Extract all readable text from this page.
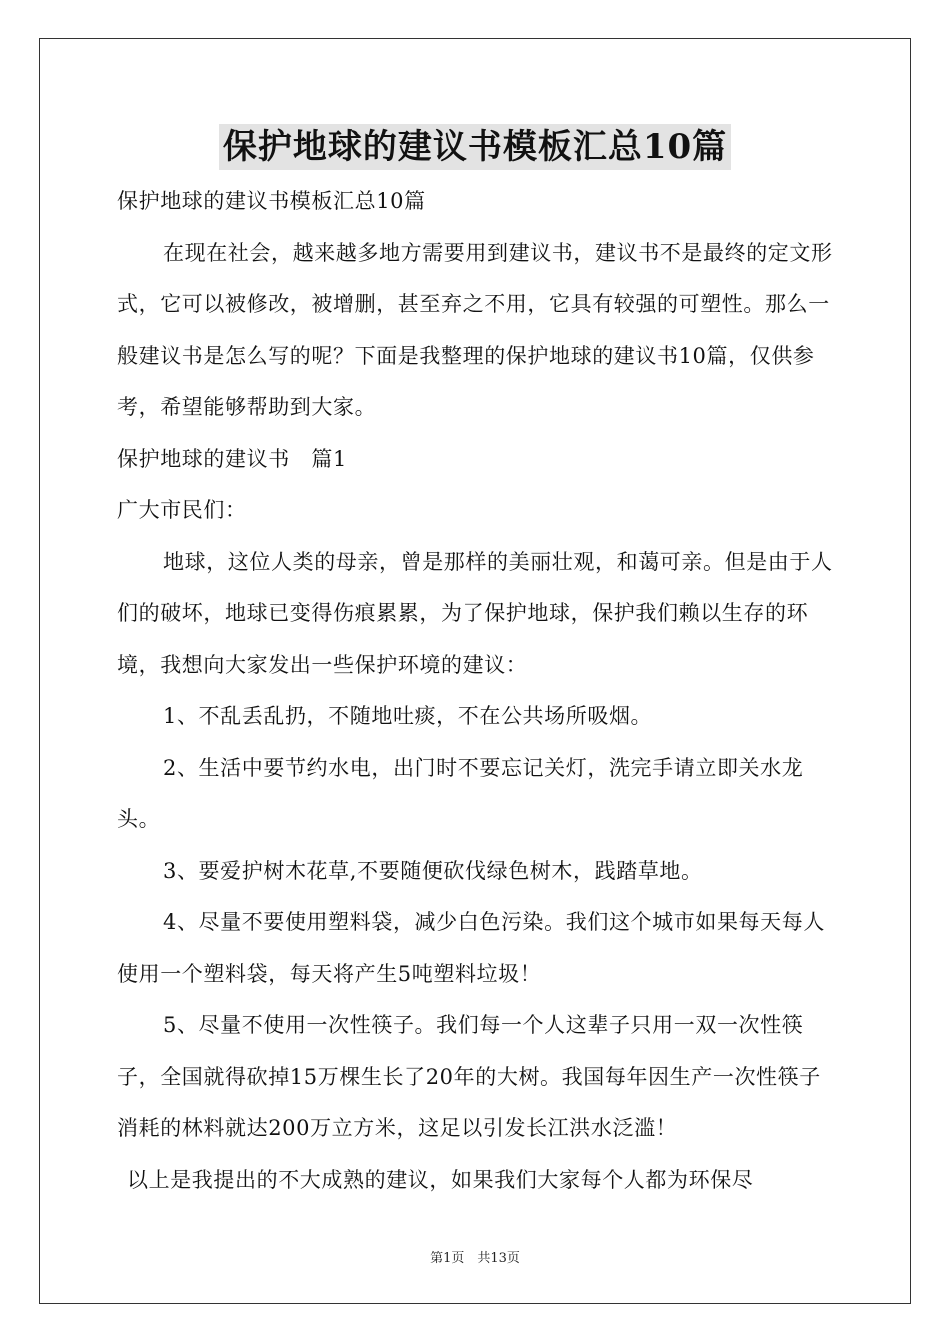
保护地球的建议书模板汇总10篇

保护地球的建议书模板汇总10篇

在现在社会，越来越多地方需要用到建议书，建议书不是最终的定文形式，它可以被修改，被增删，甚至弃之不用，它具有较强的可塑性。那么一般建议书是怎么写的呢？下面是我整理的保护地球的建议书10篇，仅供参考，希望能够帮助到大家。

保护地球的建议书　篇1

广大市民们：

地球，这位人类的母亲，曾是那样的美丽壮观，和蔼可亲。但是由于人们的破坏，地球已变得伤痕累累，为了保护地球，保护我们赖以生存的环境，我想向大家发出一些保护环境的建议：

1、不乱丢乱扔，不随地吐痰，不在公共场所吸烟。

2、生活中要节约水电，出门时不要忘记关灯，洗完手请立即关水龙头。

3、要爱护树木花草,不要随便砍伐绿色树木，践踏草地。

4、尽量不要使用塑料袋，减少白色污染。我们这个城市如果每天每人使用一个塑料袋，每天将产生5吨塑料垃圾！

5、尽量不使用一次性筷子。我们每一个人这辈子只用一双一次性筷子，全国就得砍掉15万棵生长了20年的大树。我国每年因生产一次性筷子消耗的林料就达200万立方米，这足以引发长江洪水泛滥！

以上是我提出的不大成熟的建议，如果我们大家每个人都为环保尽

第1页　共13页
